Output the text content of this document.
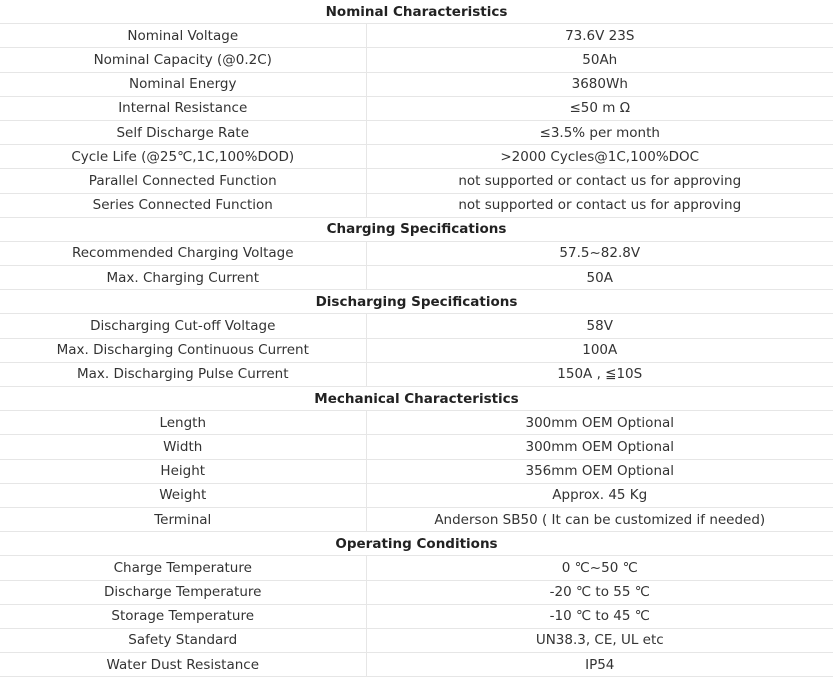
Nominal Characteristics	
Nominal Voltage	73.6V 23S
Nominal Capacity (@0.2C)	50Ah
Nominal Energy	3680Wh
Internal Resistance	≤50 m Ω
Self Discharge Rate	≤3.5% per month
Cycle Life (@25℃,1C,100%DOD)	>2000 Cycles@1C,100%DOC
Parallel Connected Function	not supported or contact us for approving
Series Connected Function	not supported or contact us for approving
Charging Specifications	
Recommended Charging Voltage	57.5~82.8V
Max. Charging Current	50A
Discharging Specifications	
Discharging Cut-off Voltage	58V
Max. Discharging Continuous Current	100A
Max. Discharging Pulse Current	150A , ≦10S
Mechanical Characteristics	
Length	300mm OEM Optional
Width	300mm OEM Optional
Height	356mm OEM Optional
Weight	Approx. 45 Kg
Terminal	Anderson SB50 ( It can be customized if needed)
Operating Conditions	
Charge Temperature	0 ℃~50 ℃
Discharge Temperature	-20 ℃ to 55 ℃
Storage Temperature	-10 ℃ to 45 ℃
Safety Standard	UN38.3, CE, UL etc
Water Dust Resistance	IP54
